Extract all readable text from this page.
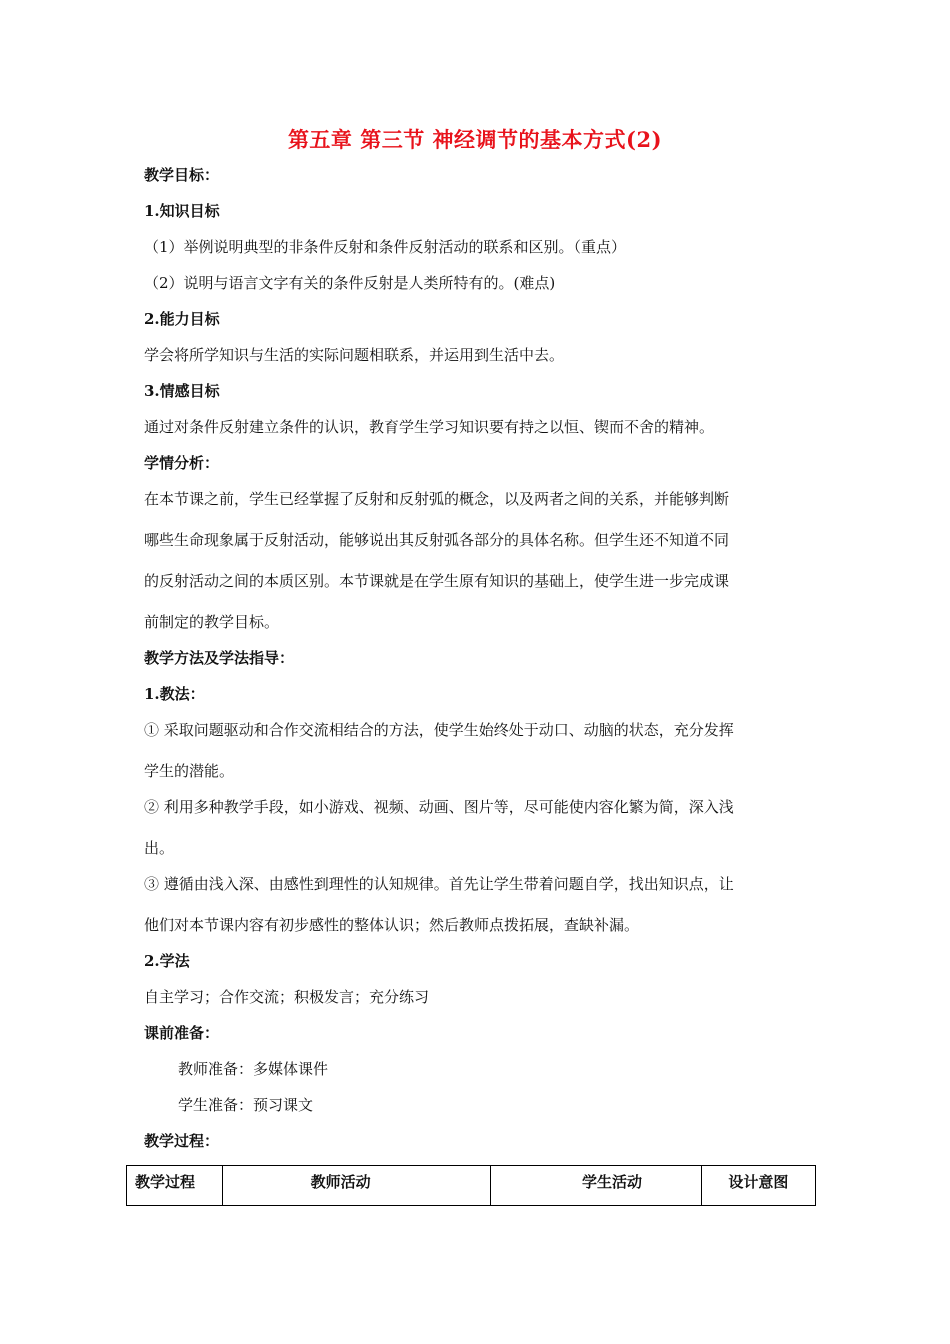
第五章 第三节 神经调节的基本方式(2)
教学目标：
1.知识目标
（1）举例说明典型的非条件反射和条件反射活动的联系和区别。（重点）
（2）说明与语言文字有关的条件反射是人类所特有的。(难点)
2.能力目标
学会将所学知识与生活的实际问题相联系，并运用到生活中去。
3.情感目标
通过对条件反射建立条件的认识，教育学生学习知识要有持之以恒、锲而不舍的精神。
学情分析：
在本节课之前，学生已经掌握了反射和反射弧的概念，以及两者之间的关系，并能够判断
哪些生命现象属于反射活动，能够说出其反射弧各部分的具体名称。但学生还不知道不同
的反射活动之间的本质区别。本节课就是在学生原有知识的基础上，使学生进一步完成课
前制定的教学目标。
教学方法及学法指导：
1.教法：
① 采取问题驱动和合作交流相结合的方法，使学生始终处于动口、动脑的状态，充分发挥
学生的潜能。
② 利用多种教学手段，如小游戏、视频、动画、图片等，尽可能使内容化繁为简，深入浅
出。
③ 遵循由浅入深、由感性到理性的认知规律。首先让学生带着问题自学，找出知识点，让
他们对本节课内容有初步感性的整体认识；然后教师点拨拓展，查缺补漏。
2.学法
自主学习；合作交流；积极发言；充分练习
课前准备：
教师准备：多媒体课件
学生准备：预习课文
教学过程：
教学过程	教师活动	学生活动	设计意图
